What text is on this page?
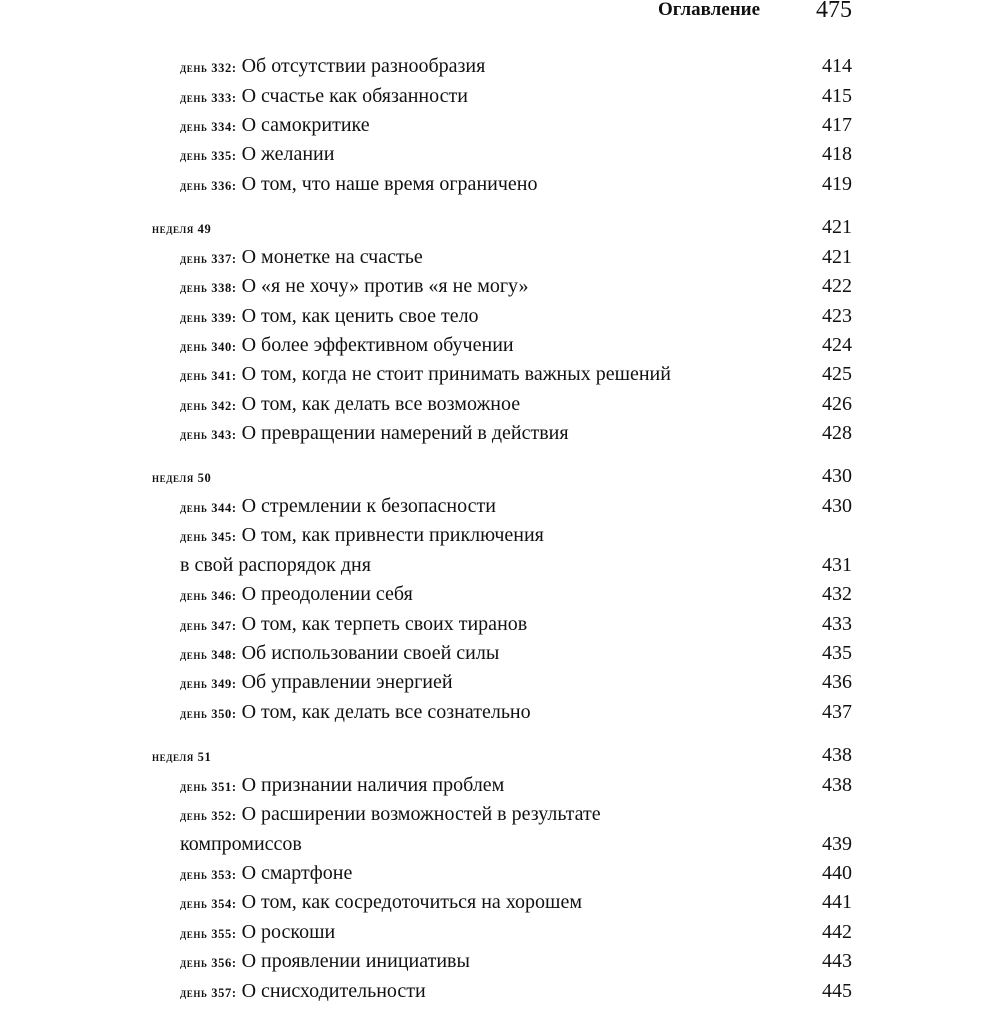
Оглавление	475
день 332: Об отсутствии разнообразия	414
день 333: О счастье как обязанности	415
день 334: О самокритике	417
день 335: О желании	418
день 336: О том, что наше время ограничено	419
неделя 49	421
день 337: О монетке на счастье	421
день 338: О «я не хочу» против «я не могу»	422
день 339: О том, как ценить свое тело	423
день 340: О более эффективном обучении	424
день 341: О том, когда не стоит принимать важных решений	425
день 342: О том, как делать все возможное	426
день 343: О превращении намерений в действия	428
неделя 50	430
день 344: О стремлении к безопасности	430
день 345: О том, как привнести приключения
в свой распорядок дня	431
день 346: О преодолении себя	432
день 347: О том, как терпеть своих тиранов	433
день 348: Об использовании своей силы	435
день 349: Об управлении энергией	436
день 350: О том, как делать все сознательно	437
неделя 51	438
день 351: О признании наличия проблем	438
день 352: О расширении возможностей в результате
компромиссов	439
день 353: О смартфоне	440
день 354: О том, как сосредоточиться на хорошем	441
день 355: О роскоши	442
день 356: О проявлении инициативы	443
день 357: О снисходительности	445
